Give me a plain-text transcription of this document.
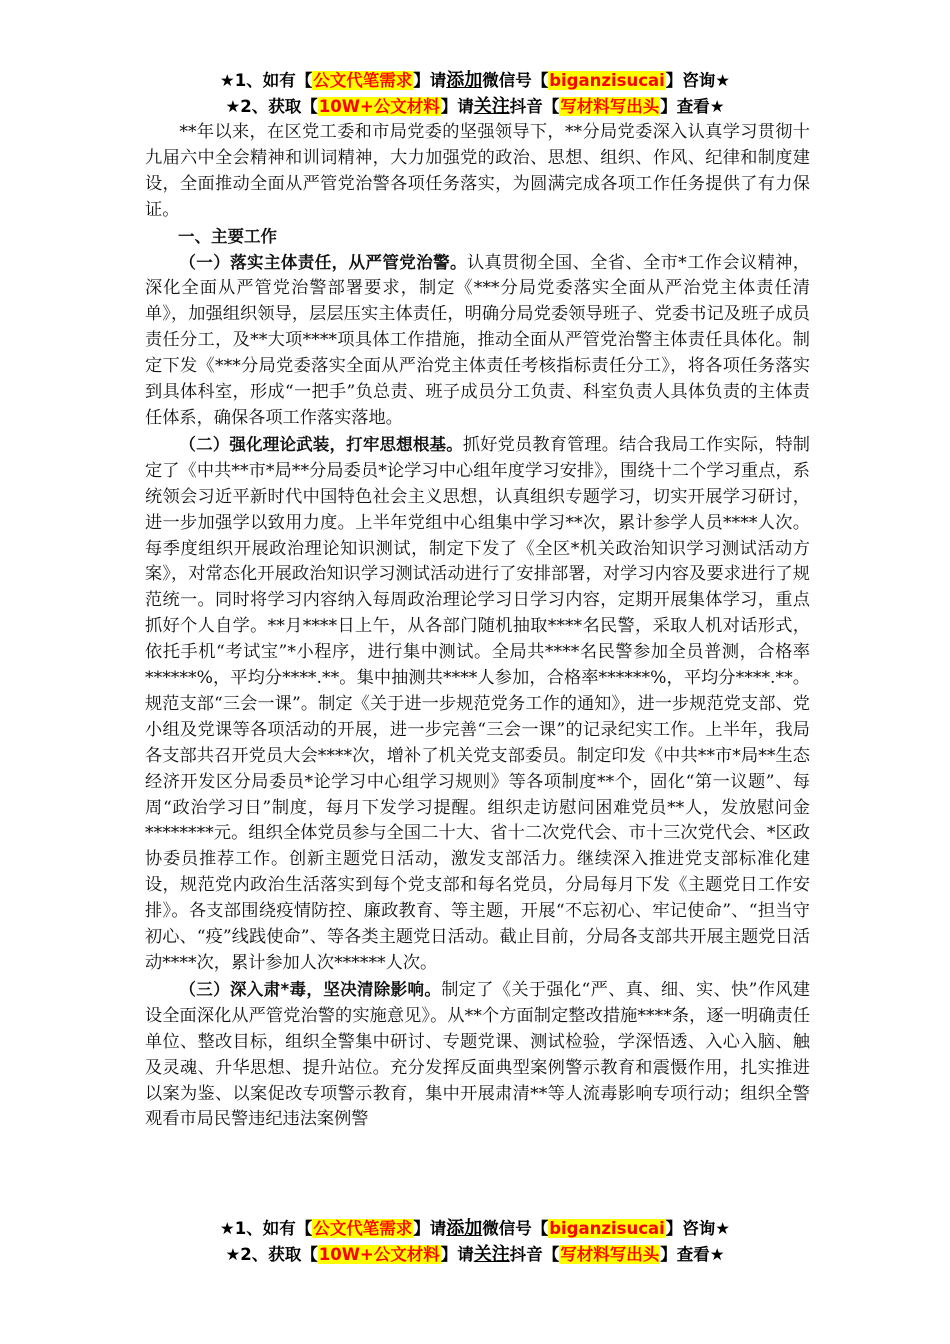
★1、如有【公文代笔需求】请添加微信号【biganzisucai】咨询★
★2、获取【10W+公文材料】请关注抖音【写材料写出头】查看★

**年以来，在区党工委和市局党委的坚强领导下，**分局党委深入认真学习贯彻十九届六中全会精神和训词精神，大力加强党的政治、思想、组织、作风、纪律和制度建设，全面推动全面从严管党治警各项任务落实，为圆满完成各项工作任务提供了有力保证。

一、主要工作

（一）落实主体责任，从严管党治警。认真贯彻全国、全省、全市*工作会议精神，深化全面从严管党治警部署要求，制定《***分局党委落实全面从严治党主体责任清单》，加强组织领导，层层压实主体责任，明确分局党委领导班子、党委书记及班子成员责任分工，及**大项****项具体工作措施，推动全面从严管党治警主体责任具体化。制定下发《***分局党委落实全面从严治党主体责任考核指标责任分工》，将各项任务落实到具体科室，形成“一把手”负总责、班子成员分工负责、科室负责人具体负责的主体责任体系，确保各项工作落实落地。

（二）强化理论武装，打牢思想根基。抓好党员教育管理。结合我局工作实际，特制定了《中共**市*局**分局委员*论学习中心组年度学习安排》，围绕十二个学习重点，系统领会习近平新时代中国特色社会主义思想，认真组织专题学习，切实开展学习研讨，进一步加强学以致用力度。上半年党组中心组集中学习**次，累计参学人员****人次。每季度组织开展政治理论知识测试，制定下发了《全区*机关政治知识学习测试活动方案》，对常态化开展政治知识学习测试活动进行了安排部署，对学习内容及要求进行了规范统一。同时将学习内容纳入每周政治理论学习日学习内容，定期开展集体学习，重点抓好个人自学。**月****日上午，从各部门随机抽取****名民警，采取人机对话形式，依托手机“考试宝”*小程序，进行集中测试。全局共****名民警参加全员普测，合格率******%，平均分****.**。集中抽测共****人参加，合格率******%，平均分****.**。规范支部“三会一课”。制定《关于进一步规范党务工作的通知》，进一步规范党支部、党小组及党课等各项活动的开展，进一步完善“三会一课”的记录纪实工作。上半年，我局各支部共召开党员大会****次，增补了机关党支部委员。制定印发《中共**市*局**生态经济开发区分局委员*论学习中心组学习规则》等各项制度**个，固化“第一议题”、每周“政治学习日”制度，每月下发学习提醒。组织走访慰问困难党员**人，发放慰问金********元。组织全体党员参与全国二十大、省十二次党代会、市十三次党代会、*区政协委员推荐工作。创新主题党日活动，激发支部活力。继续深入推进党支部标准化建设，规范党内政治生活落实到每个党支部和每名党员，分局每月下发《主题党日工作安排》。各支部围绕疫情防控、廉政教育、等主题，开展“不忘初心、牢记使命”、“担当守初心、“疫”线践使命”、等各类主题党日活动。截止目前，分局各支部共开展主题党日活动****次，累计参加人次******人次。

（三）深入肃*毒，坚决清除影响。制定了《关于强化“严、真、细、实、快”作风建设全面深化从严管党治警的实施意见》。从**个方面制定整改措施****条，逐一明确责任单位、整改目标，组织全警集中研讨、专题党课、测试检验，学深悟透、入心入脑、触及灵魂、升华思想、提升站位。充分发挥反面典型案例警示教育和震慑作用，扎实推进以案为鉴、以案促改专项警示教育，集中开展肃清**等人流毒影响专项行动；组织全警观看市局民警违纪违法案例警

★1、如有【公文代笔需求】请添加微信号【biganzisucai】咨询★
★2、获取【10W+公文材料】请关注抖音【写材料写出头】查看★
